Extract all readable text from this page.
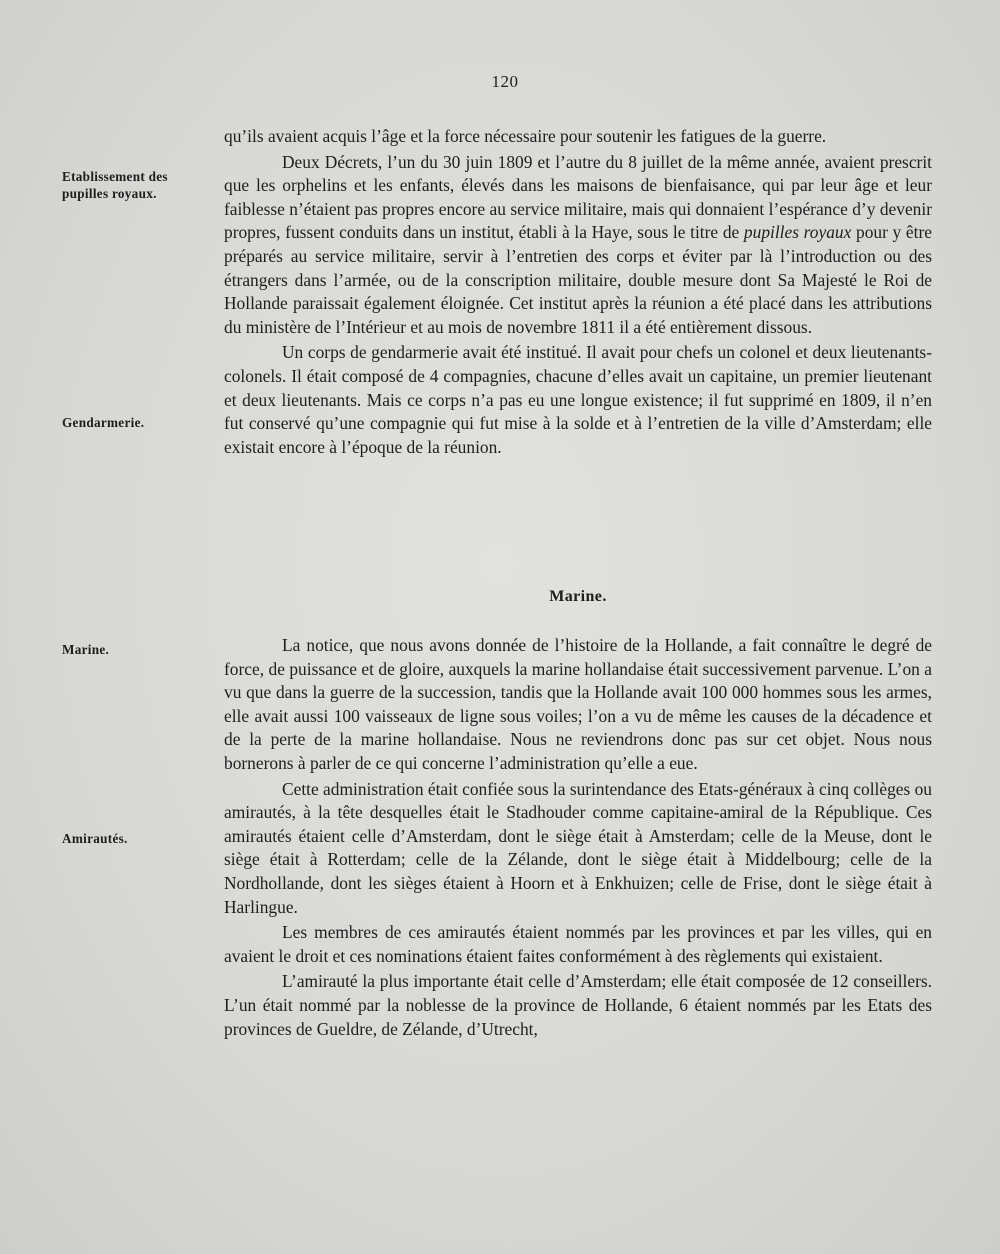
120
Etablissement des pupilles royaux.
Gendarmerie.
Marine.
Amirautés.

qu’ils avaient acquis l’âge et la force nécessaire pour soutenir les fatigues de la guerre.

Deux Décrets, l’un du 30 juin 1809 et l’autre du 8 juillet de la même année, avaient prescrit que les orphelins et les enfants, élevés dans les maisons de bienfaisance, qui par leur âge et leur faiblesse n’étaient pas propres encore au service militaire, mais qui donnaient l’espérance d’y devenir propres, fussent conduits dans un institut, établi à la Haye, sous le titre de pupilles royaux pour y être préparés au service militaire, servir à l’entretien des corps et éviter par là l’introduction ou des étrangers dans l’armée, ou de la conscription militaire, double mesure dont Sa Majesté le Roi de Hollande paraissait également éloignée. Cet institut après la réunion a été placé dans les attributions du ministère de l’Intérieur et au mois de novembre 1811 il a été entièrement dissous.

Un corps de gendarmerie avait été institué. Il avait pour chefs un colonel et deux lieutenants-colonels. Il était composé de 4 compagnies, chacune d’elles avait un capitaine, un premier lieutenant et deux lieutenants. Mais ce corps n’a pas eu une longue existence; il fut supprimé en 1809, il n’en fut conservé qu’une compagnie qui fut mise à la solde et à l’entretien de la ville d’Amsterdam; elle existait encore à l’époque de la réunion.

Marine.

La notice, que nous avons donnée de l’histoire de la Hollande, a fait connaître le degré de force, de puissance et de gloire, auxquels la marine hollandaise était successivement parvenue. L’on a vu que dans la guerre de la succession, tandis que la Hollande avait 100 000 hommes sous les armes, elle avait aussi 100 vaisseaux de ligne sous voiles; l’on a vu de même les causes de la décadence et de la perte de la marine hollandaise. Nous ne reviendrons donc pas sur cet objet. Nous nous bornerons à parler de ce qui concerne l’administration qu’elle a eue.

Cette administration était confiée sous la surintendance des Etats-généraux à cinq collèges ou amirautés, à la tête desquelles était le Stadhouder comme capitaine-amiral de la République. Ces amirautés étaient celle d’Amsterdam, dont le siège était à Amsterdam; celle de la Meuse, dont le siège était à Rotterdam; celle de la Zélande, dont le siège était à Middelbourg; celle de la Nordhollande, dont les sièges étaient à Hoorn et à Enkhuizen; celle de Frise, dont le siège était à Harlingue.

Les membres de ces amirautés étaient nommés par les provinces et par les villes, qui en avaient le droit et ces nominations étaient faites conformément à des règlements qui existaient.

L’amirauté la plus importante était celle d’Amsterdam; elle était composée de 12 conseillers. L’un était nommé par la noblesse de la province de Hollande, 6 étaient nommés par les Etats des provinces de Gueldre, de Zélande, d’Utrecht,
